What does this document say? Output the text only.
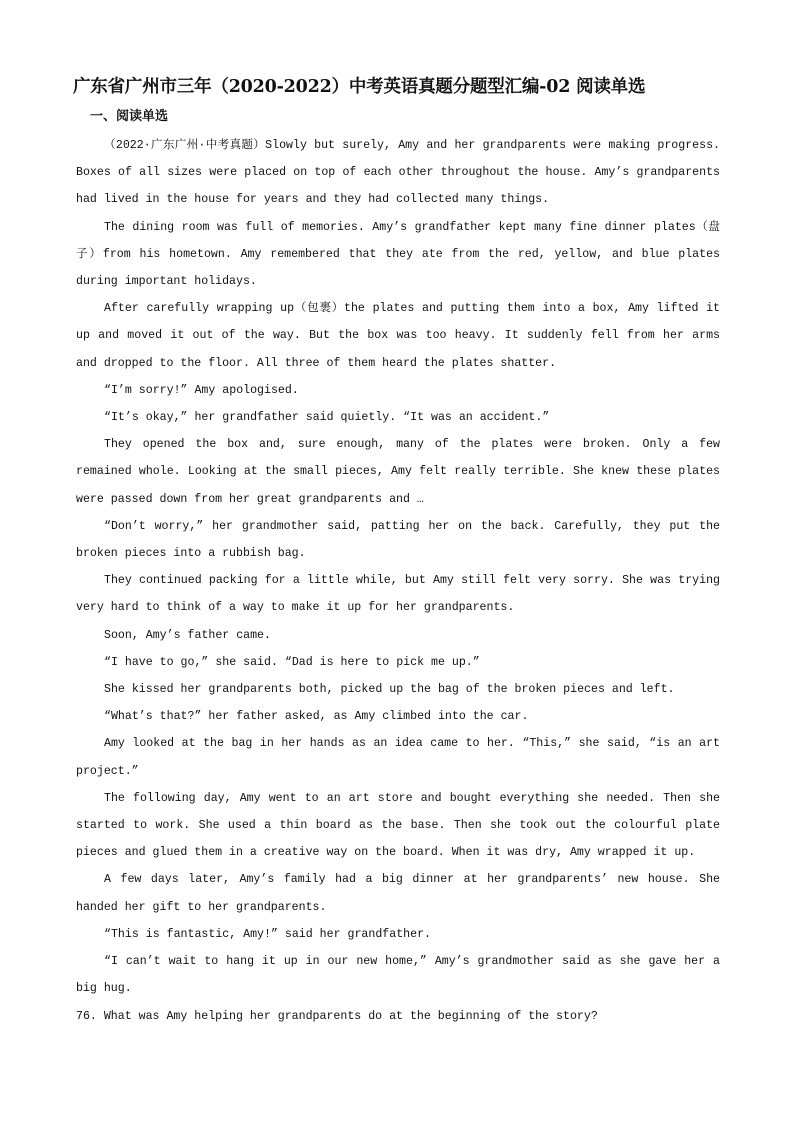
广东省广州市三年（2020-2022）中考英语真题分题型汇编-02 阅读单选
一、阅读单选

（2022·广东广州·中考真题）Slowly but surely, Amy and her grandparents were making progress. Boxes of all sizes were placed on top of each other throughout the house. Amy’s grandparents had lived in the house for years and they had collected many things.

The dining room was full of memories. Amy’s grandfather kept many fine dinner plates（盘子）from his hometown. Amy remembered that they ate from the red, yellow, and blue plates during important holidays.

After carefully wrapping up（包裹）the plates and putting them into a box, Amy lifted it up and moved it out of the way. But the box was too heavy. It suddenly fell from her arms and dropped to the floor. All three of them heard the plates shatter.

“I’m sorry!” Amy apologised.

“It’s okay,” her grandfather said quietly. “It was an accident.”

They opened the box and, sure enough, many of the plates were broken. Only a few remained whole. Looking at the small pieces, Amy felt really terrible. She knew these plates were passed down from her great grandparents and …

“Don’t worry,” her grandmother said, patting her on the back. Carefully, they put the broken pieces into a rubbish bag.

They continued packing for a little while, but Amy still felt very sorry. She was trying very hard to think of a way to make it up for her grandparents.

Soon, Amy’s father came.

“I have to go,” she said. “Dad is here to pick me up.”

She kissed her grandparents both, picked up the bag of the broken pieces and left.

“What’s that?” her father asked, as Amy climbed into the car.

Amy looked at the bag in her hands as an idea came to her. “This,” she said, “is an art project.”

The following day, Amy went to an art store and bought everything she needed. Then she started to work. She used a thin board as the base. Then she took out the colourful plate pieces and glued them in a creative way on the board. When it was dry, Amy wrapped it up.

A few days later, Amy’s family had a big dinner at her grandparents’ new house. She handed her gift to her grandparents.

“This is fantastic, Amy!” said her grandfather.

“I can’t wait to hang it up in our new home,” Amy’s grandmother said as she gave her a big hug.

76. What was Amy helping her grandparents do at the beginning of the story?
